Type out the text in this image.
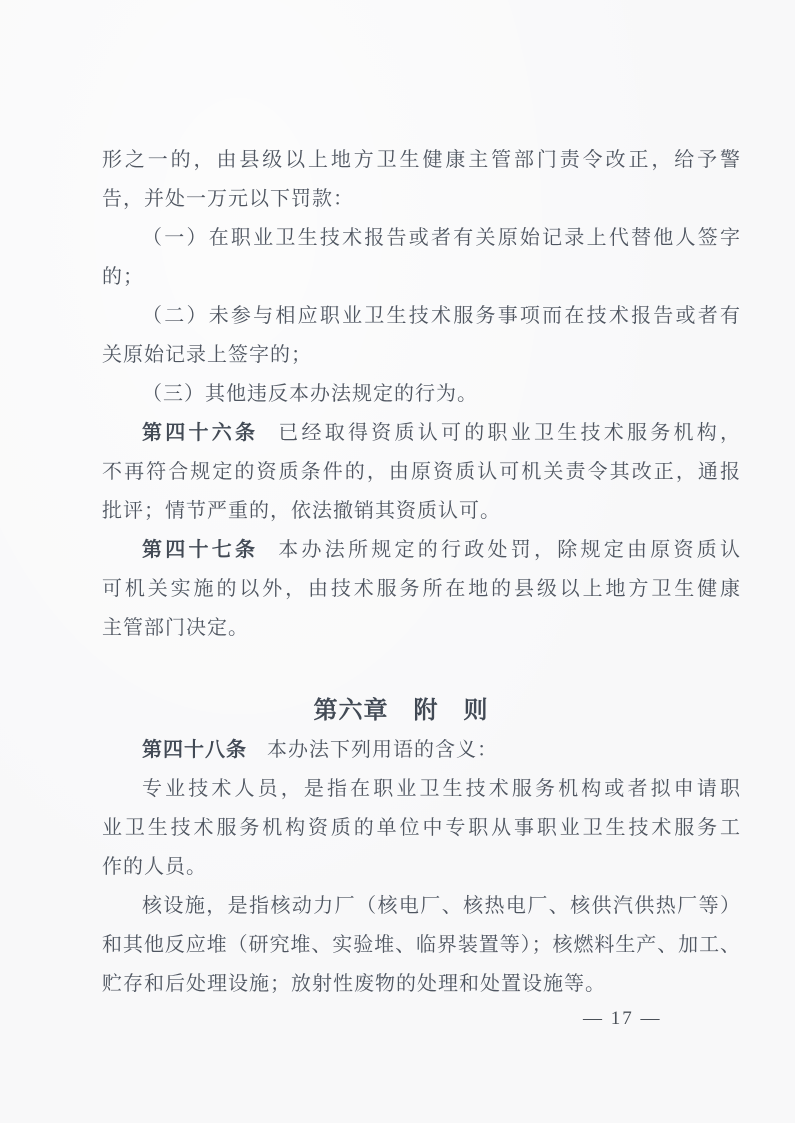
形之一的，由县级以上地方卫生健康主管部门责令改正，给予警
告，并处一万元以下罚款：
（一）在职业卫生技术报告或者有关原始记录上代替他人签字
的；
（二）未参与相应职业卫生技术服务事项而在技术报告或者有
关原始记录上签字的；
（三）其他违反本办法规定的行为。
第四十六条 已经取得资质认可的职业卫生技术服务机构，
不再符合规定的资质条件的，由原资质认可机关责令其改正，通报
批评；情节严重的，依法撤销其资质认可。
第四十七条 本办法所规定的行政处罚，除规定由原资质认
可机关实施的以外，由技术服务所在地的县级以上地方卫生健康
主管部门决定。
第六章　附　则
第四十八条 本办法下列用语的含义：
专业技术人员，是指在职业卫生技术服务机构或者拟申请职
业卫生技术服务机构资质的单位中专职从事职业卫生技术服务工
作的人员。
核设施，是指核动力厂（核电厂、核热电厂、核供汽供热厂等）
和其他反应堆（研究堆、实验堆、临界装置等）；核燃料生产、加工、
贮存和后处理设施；放射性废物的处理和处置设施等。
— 17 —
